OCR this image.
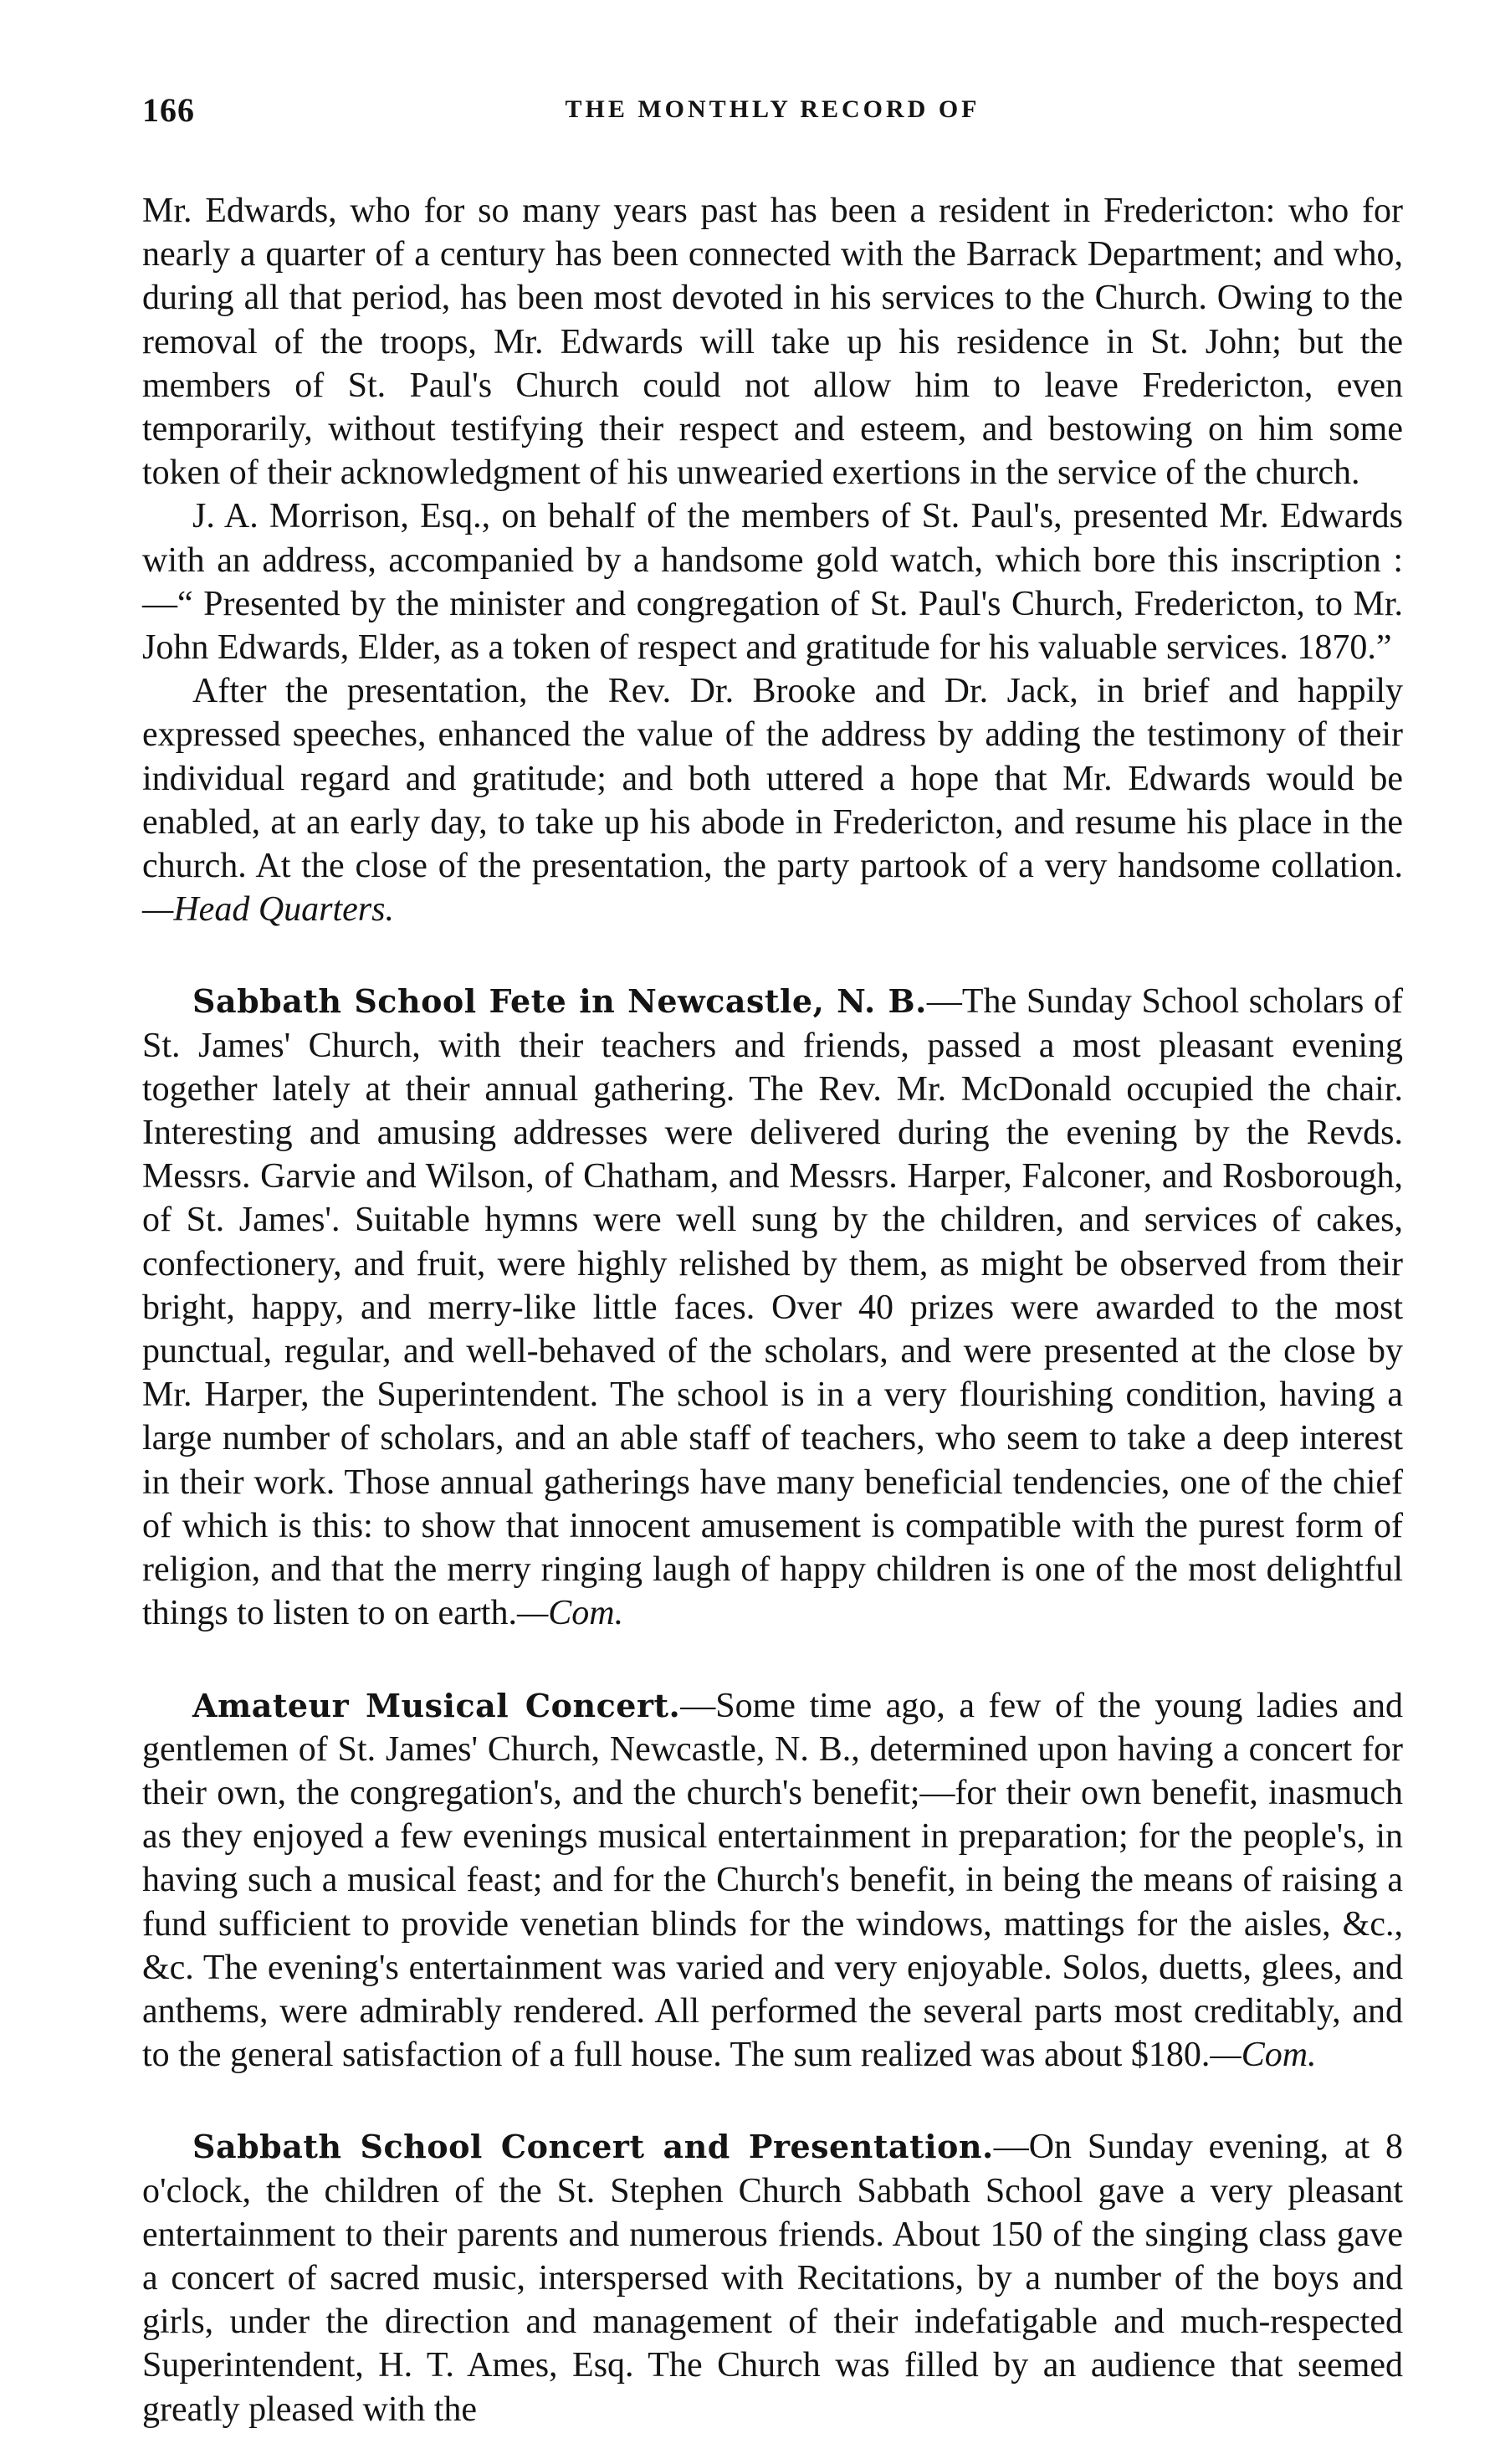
166	THE MONTHLY RECORD OF

Mr. Edwards, who for so many years past has been a resident in Fredericton: who for nearly a quarter of a century has been connected with the Barrack Department; and who, during all that period, has been most devoted in his services to the Church. Owing to the removal of the troops, Mr. Edwards will take up his residence in St. John; but the members of St. Paul's Church could not allow him to leave Fredericton, even temporarily, without testifying their respect and esteem, and bestowing on him some token of their acknowledgment of his unwearied exertions in the service of the church.

J. A. Morrison, Esq., on behalf of the members of St. Paul's, presented Mr. Edwards with an address, accompanied by a handsome gold watch, which bore this inscription :—“ Presented by the minister and congregation of St. Paul's Church, Fredericton, to Mr. John Edwards, Elder, as a token of respect and gratitude for his valuable services. 1870.”

After the presentation, the Rev. Dr. Brooke and Dr. Jack, in brief and happily expressed speeches, enhanced the value of the address by adding the testimony of their individual regard and gratitude; and both uttered a hope that Mr. Edwards would be enabled, at an early day, to take up his abode in Fredericton, and resume his place in the church. At the close of the presentation, the party partook of a very handsome collation.—Head Quarters.

Sabbath School Fete in Newcastle, N. B.—The Sunday School scholars of St. James' Church, with their teachers and friends, passed a most pleasant evening together lately at their annual gathering. The Rev. Mr. McDonald occupied the chair. Interesting and amusing addresses were delivered during the evening by the Revds. Messrs. Garvie and Wilson, of Chatham, and Messrs. Harper, Falconer, and Rosborough, of St. James'. Suitable hymns were well sung by the children, and services of cakes, confectionery, and fruit, were highly relished by them, as might be observed from their bright, happy, and merry-like little faces. Over 40 prizes were awarded to the most punctual, regular, and well-behaved of the scholars, and were presented at the close by Mr. Harper, the Superintendent. The school is in a very flourishing condition, having a large number of scholars, and an able staff of teachers, who seem to take a deep interest in their work. Those annual gatherings have many beneficial tendencies, one of the chief of which is this: to show that innocent amusement is compatible with the purest form of religion, and that the merry ringing laugh of happy children is one of the most delightful things to listen to on earth.—Com.

Amateur Musical Concert.—Some time ago, a few of the young ladies and gentlemen of St. James' Church, Newcastle, N. B., determined upon having a concert for their own, the congregation's, and the church's benefit;—for their own benefit, inasmuch as they enjoyed a few evenings musical entertainment in preparation; for the people's, in having such a musical feast; and for the Church's benefit, in being the means of raising a fund sufficient to provide venetian blinds for the windows, mattings for the aisles, &c., &c. The evening's entertainment was varied and very enjoyable. Solos, duetts, glees, and anthems, were admirably rendered. All performed the several parts most creditably, and to the general satisfaction of a full house. The sum realized was about $180.—Com.

Sabbath School Concert and Presentation.—On Sunday evening, at 8 o'clock, the children of the St. Stephen Church Sabbath School gave a very pleasant entertainment to their parents and numerous friends. About 150 of the singing class gave a concert of sacred music, interspersed with Recitations, by a number of the boys and girls, under the direction and management of their indefatigable and much-respected Superintendent, H. T. Ames, Esq. The Church was filled by an audience that seemed greatly pleased with the
